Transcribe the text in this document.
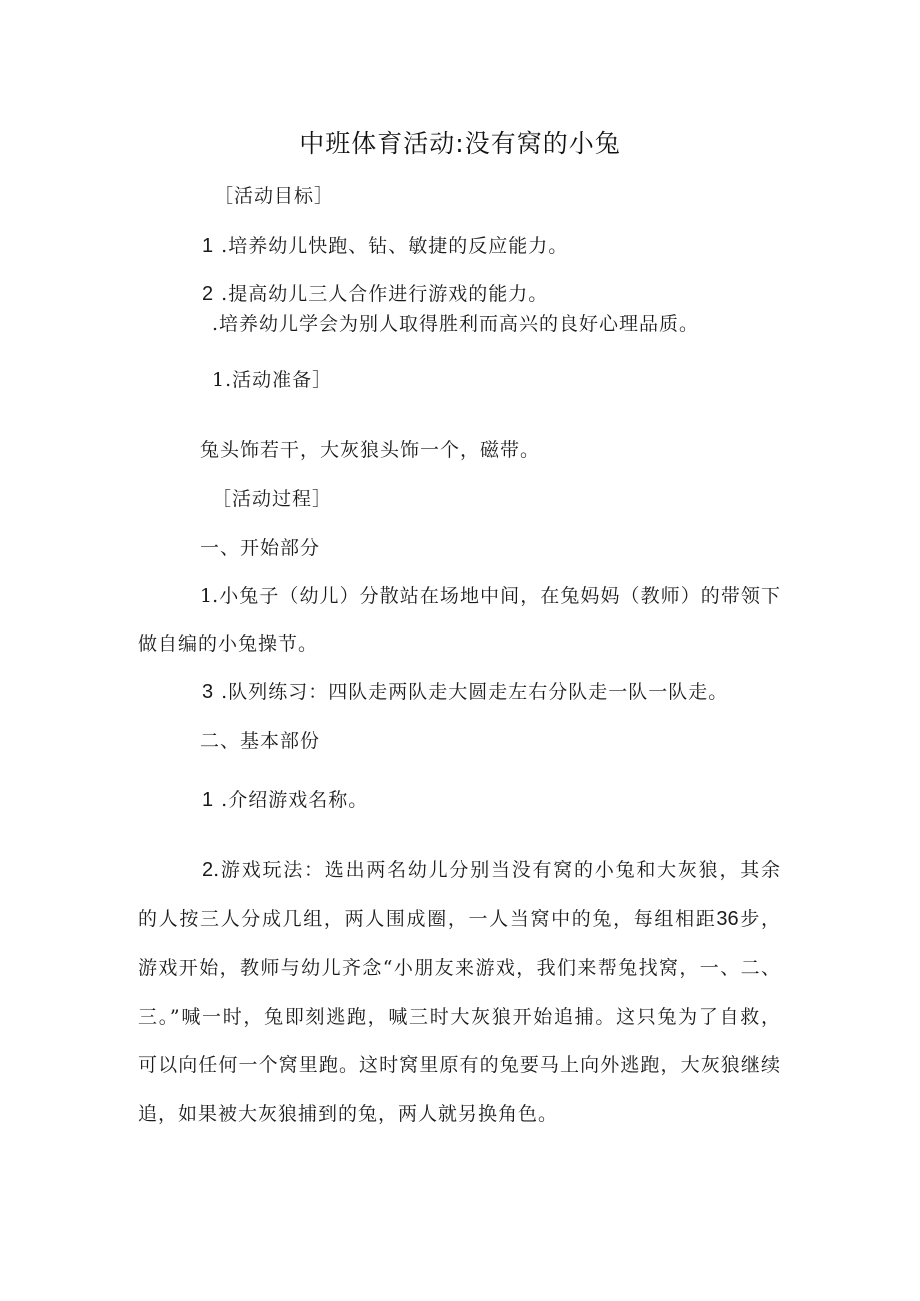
中班体育活动:没有窝的小兔
［活动目标］
1 .培养幼儿快跑、钻、敏捷的反应能力。
2 .提高幼儿三人合作进行游戏的能力。
.培养幼儿学会为别人取得胜利而高兴的良好心理品质。
1.活动准备］
兔头饰若干，大灰狼头饰一个，磁带。
［活动过程］
一、开始部分
1.小兔子（幼儿）分散站在场地中间，在兔妈妈（教师）的带领下
做自编的小兔操节。
3 .队列练习：四队走两队走大圆走左右分队走一队一队走。
二、基本部份
1 .介绍游戏名称。
2.游戏玩法：选出两名幼儿分别当没有窝的小兔和大灰狼，其余
的人按三人分成几组，两人围成圈，一人当窝中的兔，每组相距36步，
游戏开始，教师与幼儿齐念“小朋友来游戏，我们来帮兔找窝，一、二、
三。”喊一时，兔即刻逃跑，喊三时大灰狼开始追捕。这只兔为了自救，
可以向任何一个窝里跑。这时窝里原有的兔要马上向外逃跑，大灰狼继续
追，如果被大灰狼捕到的兔，两人就另换角色。
